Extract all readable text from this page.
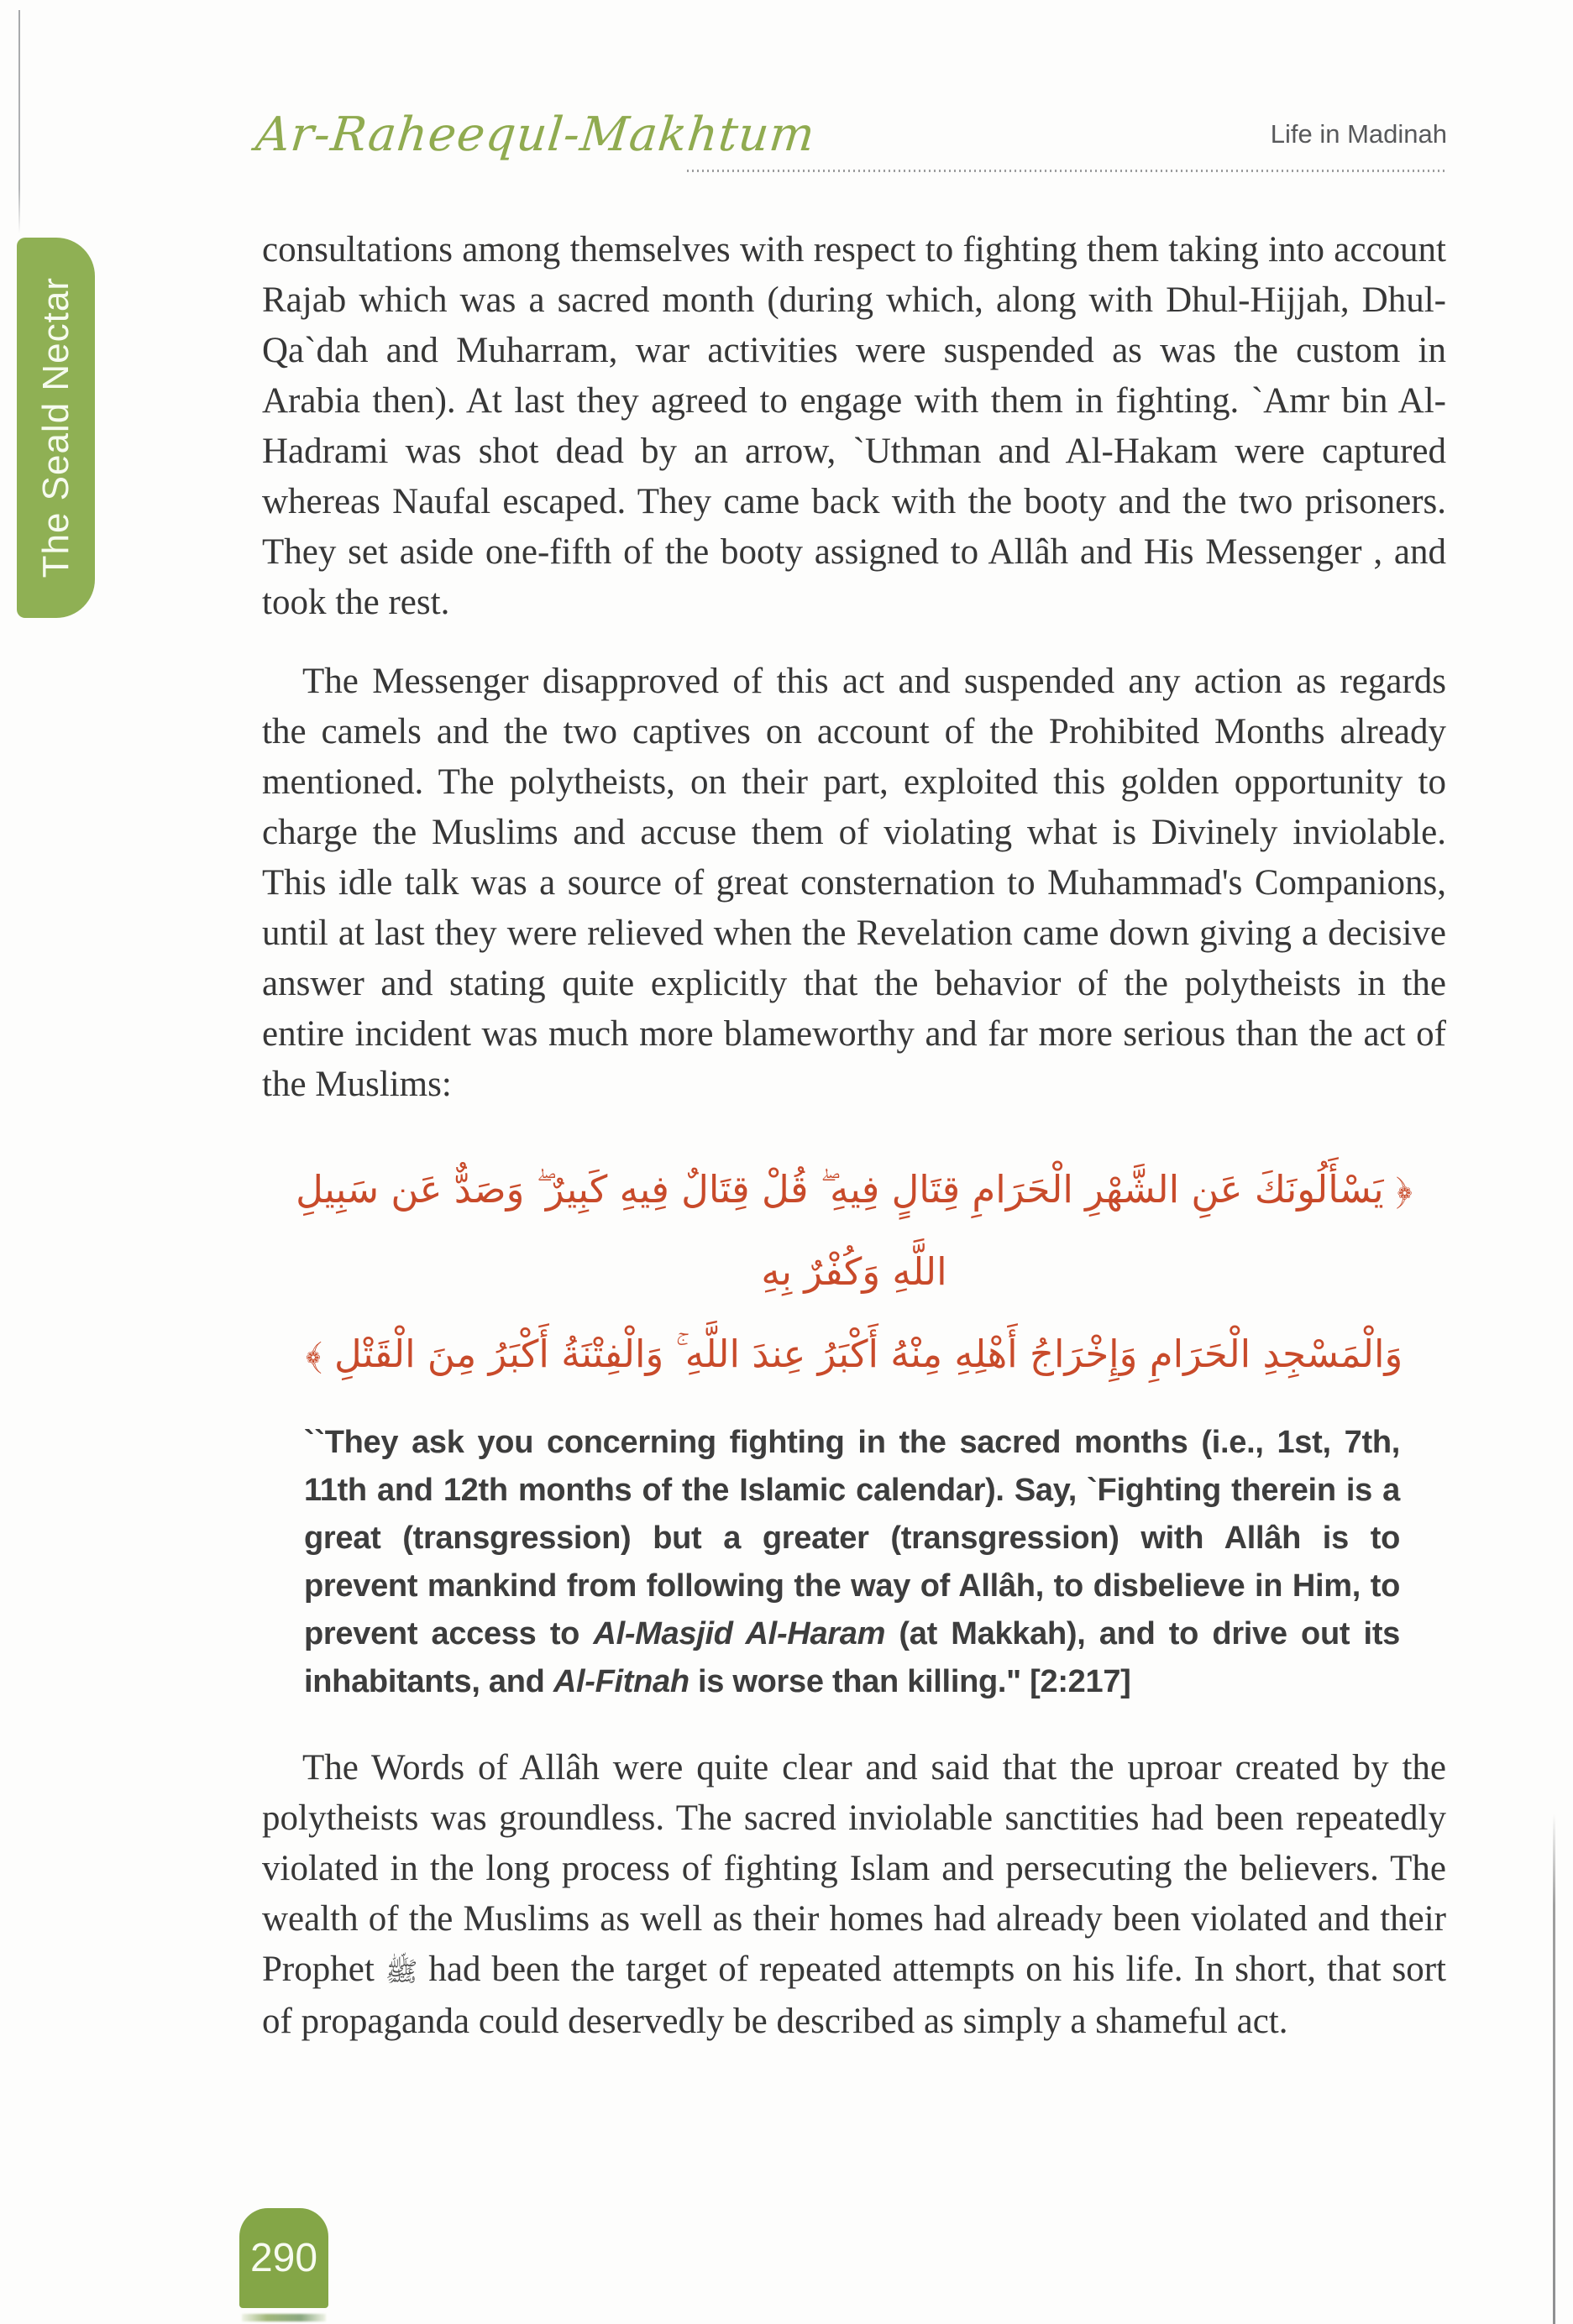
The Seald Nectar
Ar-Raheequl-Makhtum	Life in Madinah

consultations among themselves with respect to fighting them taking into account Rajab which was a sacred month (during which, along with Dhul-Hijjah, Dhul-Qa`dah and Muharram, war activities were suspended as was the custom in Arabia then). At last they agreed to engage with them in fighting. `Amr bin Al-Hadrami was shot dead by an arrow, `Uthman and Al-Hakam were captured whereas Naufal escaped. They came back with the booty and the two prisoners. They set aside one-fifth of the booty assigned to Allâh and His Messenger , and took the rest.

The Messenger disapproved of this act and suspended any action as regards the camels and the two captives on account of the Prohibited Months already mentioned. The polytheists, on their part, exploited this golden opportunity to charge the Muslims and accuse them of violating what is Divinely inviolable. This idle talk was a source of great consternation to Muhammad's Companions, until at last they were relieved when the Revelation came down giving a decisive answer and stating quite explicitly that the behavior of the polytheists in the entire incident was much more blameworthy and far more serious than the act of the Muslims:

﴿ يَسْأَلُونَكَ عَنِ الشَّهْرِ الْحَرَامِ قِتَالٍ فِيهِ ۖ قُلْ قِتَالٌ فِيهِ كَبِيرٌ ۖ وَصَدٌّ عَن سَبِيلِ اللَّهِ وَكُفْرٌ بِهِ
وَالْمَسْجِدِ الْحَرَامِ وَإِخْرَاجُ أَهْلِهِ مِنْهُ أَكْبَرُ عِندَ اللَّهِ ۚ وَالْفِتْنَةُ أَكْبَرُ مِنَ الْقَتْلِ ﴾

``They ask you concerning fighting in the sacred months (i.e., 1st, 7th, 11th and 12th months of the Islamic calendar). Say, `Fighting therein is a great (transgression) but a greater (transgression) with Allâh is to prevent mankind from following the way of Allâh, to disbelieve in Him, to prevent access to Al-Masjid Al-Haram (at Makkah), and to drive out its inhabitants, and Al-Fitnah is worse than killing." [2:217]

The Words of Allâh were quite clear and said that the uproar created by the polytheists was groundless. The sacred inviolable sanctities had been repeatedly violated in the long process of fighting Islam and persecuting the believers. The wealth of the Muslims as well as their homes had already been violated and their Prophet ﷺ had been the target of repeated attempts on his life. In short, that sort of propaganda could deservedly be described as simply a shameful act.

290
